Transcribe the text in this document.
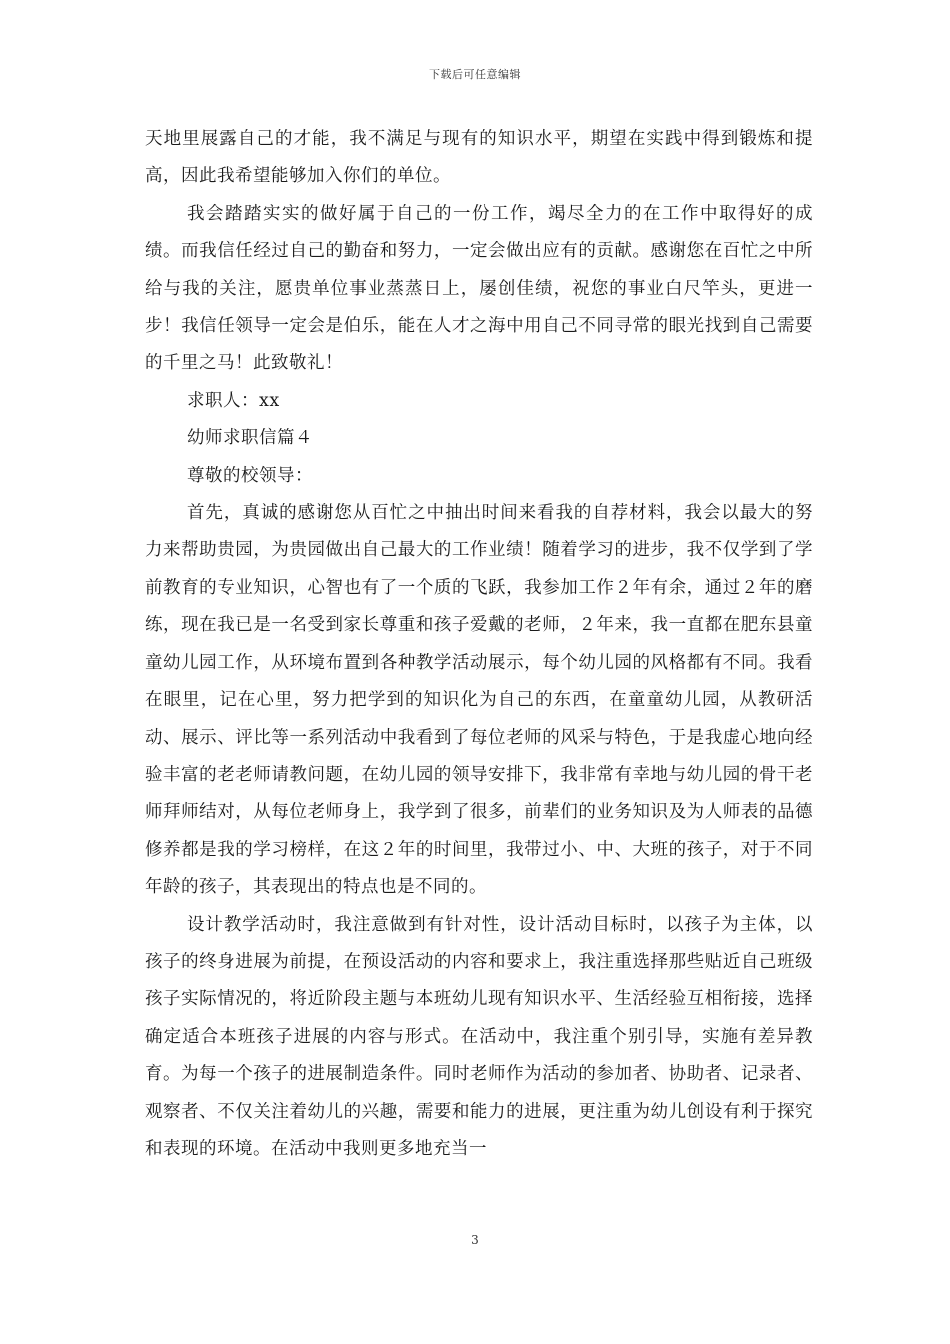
下载后可任意编辑

天地里展露自己的才能，我不满足与现有的知识水平，期望在实践中得到锻炼和提高，因此我希望能够加入你们的单位。

我会踏踏实实的做好属于自己的一份工作，竭尽全力的在工作中取得好的成绩。而我信任经过自己的勤奋和努力，一定会做出应有的贡献。感谢您在百忙之中所给与我的关注，愿贵单位事业蒸蒸日上，屡创佳绩，祝您的事业白尺竿头，更进一步！我信任领导一定会是伯乐，能在人才之海中用自己不同寻常的眼光找到自己需要的千里之马！此致敬礼！

求职人：xx

幼师求职信篇４

尊敬的校领导：

首先，真诚的感谢您从百忙之中抽出时间来看我的自荐材料，我会以最大的努力来帮助贵园，为贵园做出自己最大的工作业绩！随着学习的进步，我不仅学到了学前教育的专业知识，心智也有了一个质的飞跃，我参加工作２年有余，通过２年的磨练，现在我已是一名受到家长尊重和孩子爱戴的老师，２年来，我一直都在肥东县童童幼儿园工作，从环境布置到各种教学活动展示，每个幼儿园的风格都有不同。我看在眼里，记在心里，努力把学到的知识化为自己的东西，在童童幼儿园，从教研活动、展示、评比等一系列活动中我看到了每位老师的风采与特色，于是我虚心地向经验丰富的老老师请教问题，在幼儿园的领导安排下，我非常有幸地与幼儿园的骨干老师拜师结对，从每位老师身上，我学到了很多，前辈们的业务知识及为人师表的品德修养都是我的学习榜样，在这２年的时间里，我带过小、中、大班的孩子，对于不同年龄的孩子，其表现出的特点也是不同的。

设计教学活动时，我注意做到有针对性，设计活动目标时，以孩子为主体，以孩子的终身进展为前提，在预设活动的内容和要求上，我注重选择那些贴近自己班级孩子实际情况的，将近阶段主题与本班幼儿现有知识水平、生活经验互相衔接，选择确定适合本班孩子进展的内容与形式。在活动中，我注重个别引导，实施有差异教育。为每一个孩子的进展制造条件。同时老师作为活动的参加者、协助者、记录者、观察者、不仅关注着幼儿的兴趣，需要和能力的进展，更注重为幼儿创设有利于探究和表现的环境。在活动中我则更多地充当一

3
